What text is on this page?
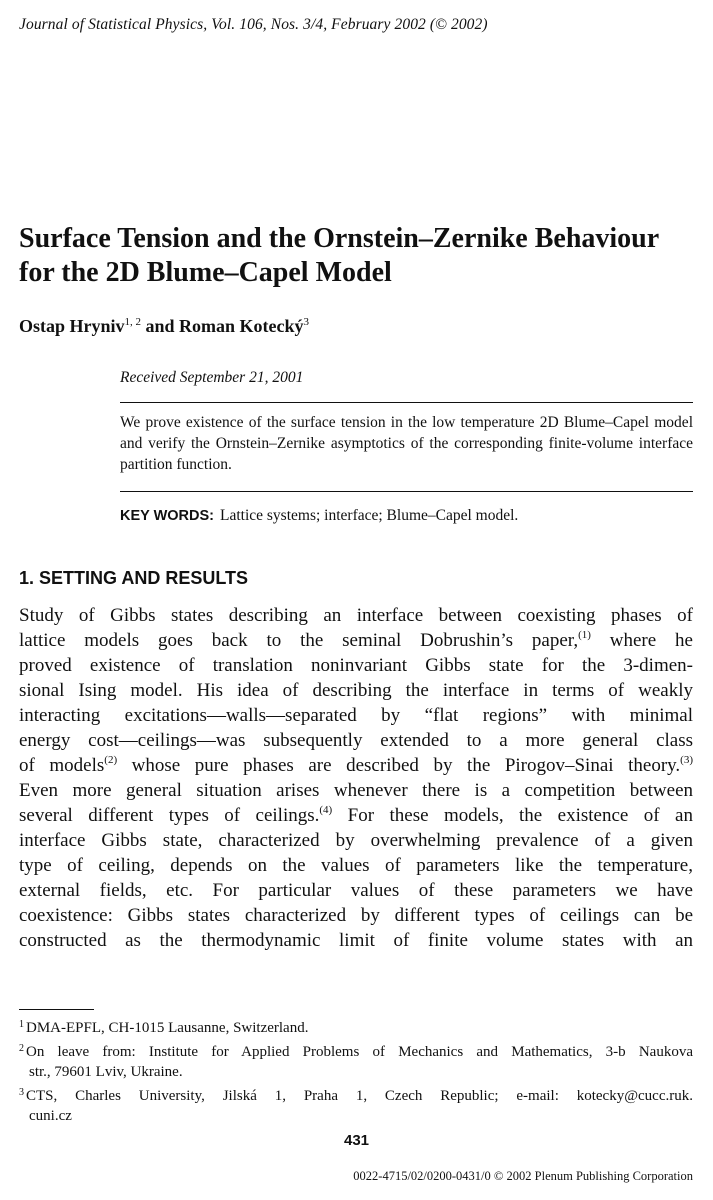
Journal of Statistical Physics, Vol. 106, Nos. 3/4, February 2002 (© 2002)
Surface Tension and the Ornstein–Zernike Behaviour
for the 2D Blume–Capel Model
Ostap Hryniv$^{1, 2}$ and Roman Kotecký$^3$
Received September 21, 2001
We prove existence of the surface tension in the low temperature 2D Blume–Capel model and verify the Ornstein–Zernike asymptotics of the corresponding finite-volume interface partition function.
KEY WORDS: Lattice systems; interface; Blume–Capel model.
1. SETTING AND RESULTS
Study of Gibbs states describing an interface between coexisting phases of
lattice models goes back to the seminal Dobrushin’s paper,$^{(1)}$ where he
proved existence of translation noninvariant Gibbs state for the 3-dimen-
sional Ising model. His idea of describing the interface in terms of weakly
interacting excitations—walls—separated by “flat regions” with minimal
energy cost—ceilings—was subsequently extended to a more general class
of models$^{(2)}$ whose pure phases are described by the Pirogov–Sinai theory.$^{(3)}$
Even more general situation arises whenever there is a competition between
several different types of ceilings.$^{(4)}$ For these models, the existence of an
interface Gibbs state, characterized by overwhelming prevalence of a given
type of ceiling, depends on the values of parameters like the temperature,
external fields, etc. For particular values of these parameters we have
coexistence: Gibbs states characterized by different types of ceilings can be
constructed as the thermodynamic limit of finite volume states with an
$^1$ DMA-EPFL, CH-1015 Lausanne, Switzerland.
$^2$ On leave from: Institute for Applied Problems of Mechanics and Mathematics, 3-b Naukova
str., 79601 Lviv, Ukraine.
$^3$ CTS, Charles University, Jilská 1, Praha 1, Czech Republic; e-mail: kotecky@cucc.ruk.
cuni.cz
431
0022-4715/02/0200-0431/0 © 2002 Plenum Publishing Corporation
